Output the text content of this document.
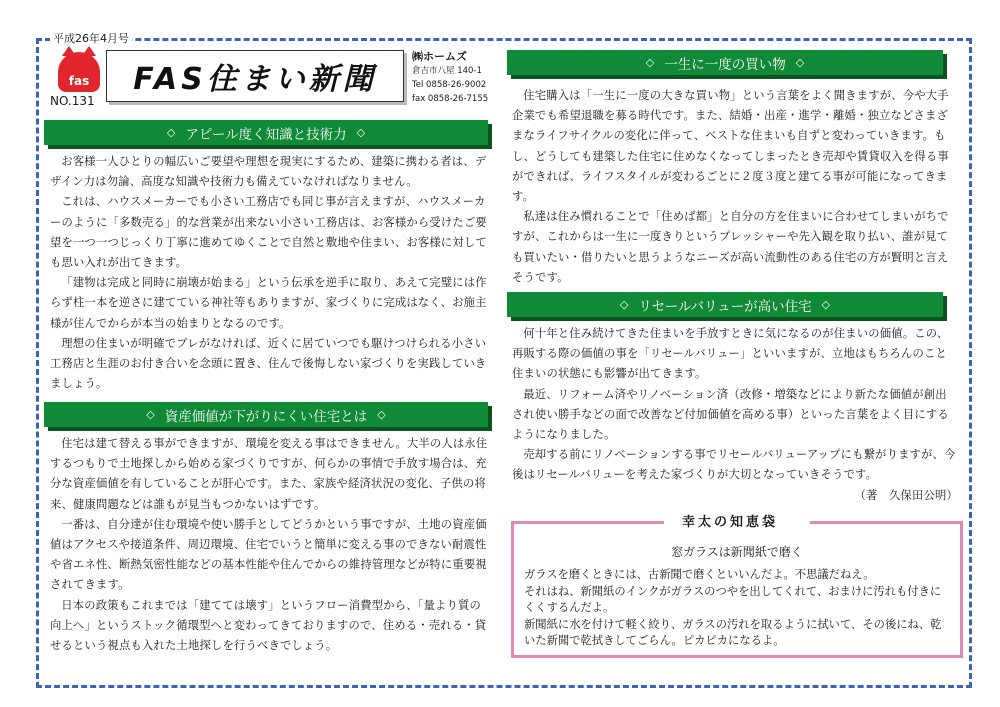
平成26年4月号
fas
NO.131
FAS住まい新聞
㈱ホームズ
倉吉市八屋 140-1
Tel 0858-26-9002
fax 0858-26-7155
◇ アピール度く知識と技術力 ◇

お客様一人ひとりの幅広いご要望や理想を現実にするため、建築に携わる者は、デザイン力は勿論、高度な知識や技術力も備えていなければなりません。

これは、ハウスメーカーでも小さい工務店でも同じ事が言えますが、ハウスメーカーのように「多数売る」的な営業が出来ない小さい工務店は、お客様から受けたご要望を一つ一つじっくり丁寧に進めてゆくことで自然と敷地や住まい、お客様に対しても思い入れが出てきます。

「建物は完成と同時に崩壊が始まる」という伝承を逆手に取り、あえて完璧には作らず柱一本を逆さに建てている神社等もありますが、家づくりに完成はなく、お施主様が住んでからが本当の始まりとなるのです。

理想の住まいが明確でブレがなければ、近くに居ていつでも駆けつけられる小さい工務店と生涯のお付き合いを念頭に置き、住んで後悔しない家づくりを実践していきましょう。

◇ 資産価値が下がりにくい住宅とは ◇

住宅は建て替える事ができますが、環境を変える事はできません。大半の人は永住するつもりで土地探しから始める家づくりですが、何らかの事情で手放す場合は、充分な資産価値を有していることが肝心です。また、家族や経済状況の変化、子供の将来、健康問題などは誰もが見当もつかないはずです。

一番は、自分達が住む環境や使い勝手としてどうかという事ですが、土地の資産価値はアクセスや接道条件、周辺環境、住宅でいうと簡単に変える事のできない耐震性や省エネ性、断熱気密性能などの基本性能や住んでからの維持管理などが特に重要視されてきます。

日本の政策もこれまでは「建てては壊す」というフロー消費型から、「量より質の向上へ」というストック循環型へと変わってきておりますので、住める・売れる・貸せるという視点も入れた土地探しを行うべきでしょう。

◇ 一生に一度の買い物 ◇

住宅購入は「一生に一度の大きな買い物」という言葉をよく聞きますが、今や大手企業でも希望退職を募る時代です。また、結婚・出産・進学・離婚・独立などさまざまなライフサイクルの変化に伴って、ベストな住まいも自ずと変わっていきます。もし、どうしても建築した住宅に住めなくなってしまったとき売却や賃貸収入を得る事ができれば、ライフスタイルが変わるごとに２度３度と建てる事が可能になってきます。

私達は住み慣れることで「住めば都」と自分の方を住まいに合わせてしまいがちですが、これからは一生に一度きりというプレッシャーや先入観を取り払い、誰が見ても買いたい・借りたいと思うようなニーズが高い流動性のある住宅の方が賢明と言えそうです。

◇ リセールバリューが高い住宅 ◇

何十年と住み続けてきた住まいを手放すときに気になるのが住まいの価値。この、再販する際の価値の事を「リセールバリュー」といいますが、立地はもちろんのこと住まいの状態にも影響が出てきます。

最近、リフォーム済やリノベーション済（改修・増築などにより新たな価値が創出され使い勝手などの面で改善など付加価値を高める事）といった言葉をよく目にするようになりました。

売却する前にリノベーションする事でリセールバリューアップにも繋がりますが、今後はリセールバリューを考えた家づくりが大切となっていきそうです。

（著　久保田公明）
幸太の知恵袋
窓ガラスは新聞紙で磨く
ガラスを磨くときには、古新聞で磨くといいんだよ。不思議だねえ。
それはね、新聞紙のインクがガラスのつやを出してくれて、おまけに汚れも付きにくくするんだよ。
新聞紙に水を付けて軽く絞り、ガラスの汚れを取るように拭いて、その後にね、乾いた新聞で乾拭きしてごらん。ピカピカになるよ。
